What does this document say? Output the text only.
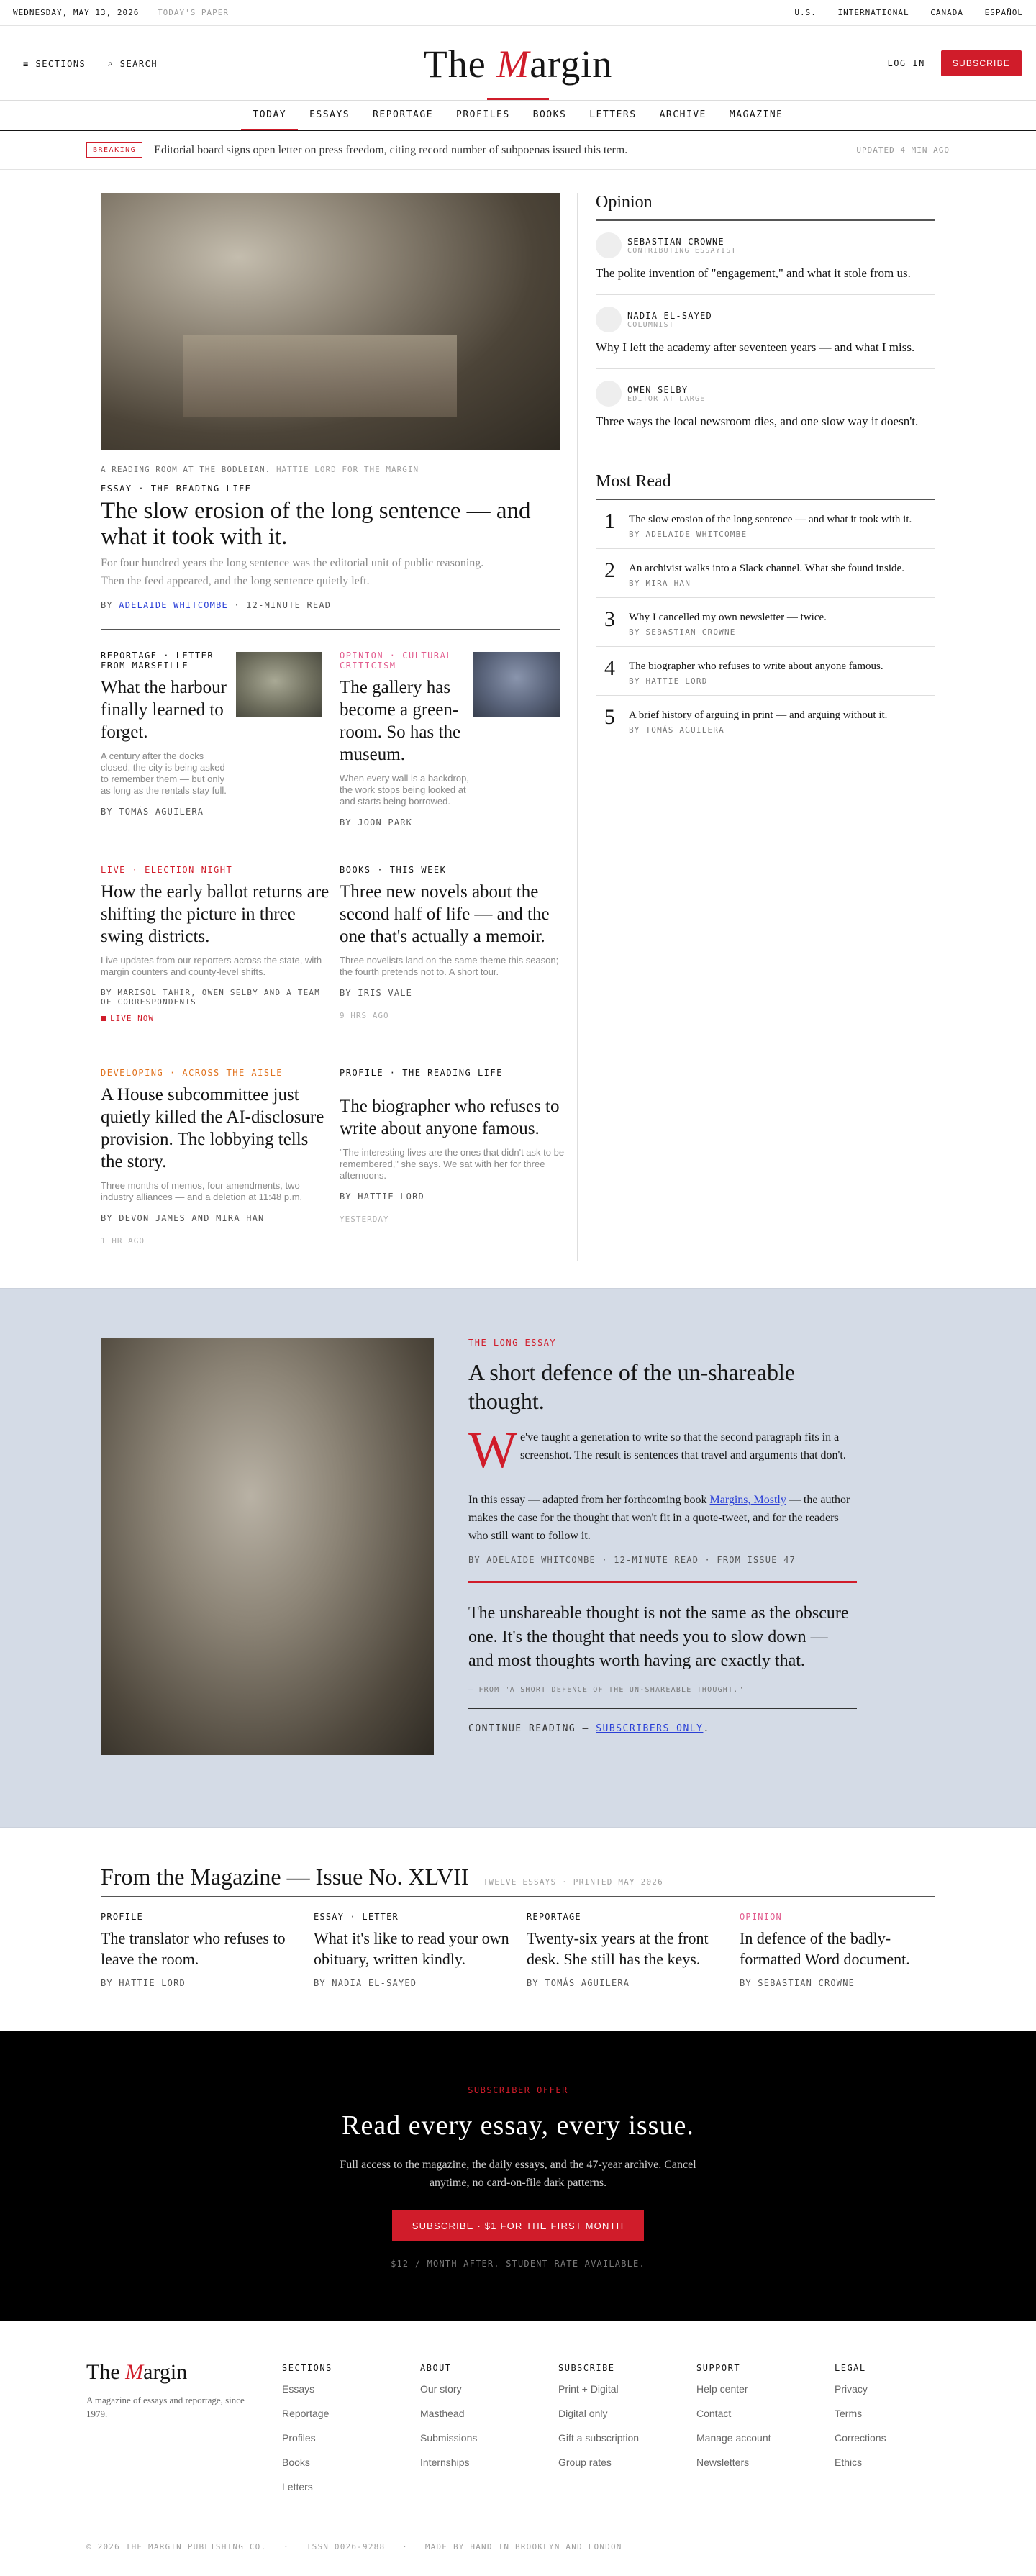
WEDNESDAY, MAY 13, 2026 TODAY'S PAPER	U.S.	INTERNATIONAL	CANADA	ESPAÑOL
≡ SECTIONS	⌕ SEARCH	The Margin	LOG IN	SUBSCRIBE
TODAY	ESSAYS	REPORTAGE	PROFILES	BOOKS	LETTERS	ARCHIVE	MAGAZINE
BREAKING	Editorial board signs open letter on press freedom, citing record number of subpoenas issued this term.	UPDATED 4 MIN AGO
A READING ROOM AT THE BODLEIAN. HATTIE LORD FOR THE MARGIN
ESSAY · THE READING LIFE
The slow erosion of the long sentence — and what it took with it.
For four hundred years the long sentence was the editorial unit of public reasoning. Then the feed appeared, and the long sentence quietly left.
BY ADELAIDE WHITCOMBE · 12-MINUTE READ
REPORTAGE · LETTER FROM MARSEILLE
What the harbour finally learned to forget.

A century after the docks closed, the city is being asked to remember them — but only as long as the rentals stay full.

BY TOMÁS AGUILERA
OPINION · CULTURAL CRITICISM
The gallery has become a green-room. So has the museum.

When every wall is a backdrop, the work stops being looked at and starts being borrowed.

BY JOON PARK
LIVE · ELECTION NIGHT
How the early ballot returns are shifting the picture in three swing districts.

Live updates from our reporters across the state, with margin counters and county-level shifts.

BY MARISOL TAHIR, OWEN SELBY AND A TEAM OF CORRESPONDENTS
LIVE NOW
BOOKS · THIS WEEK
Three new novels about the second half of life — and the one that's actually a memoir.

Three novelists land on the same theme this season; the fourth pretends not to. A short tour.

BY IRIS VALE
9 HRS AGO
DEVELOPING · ACROSS THE AISLE
A House subcommittee just quietly killed the AI-disclosure provision. The lobbying tells the story.

Three months of memos, four amendments, two industry alliances — and a deletion at 11:48 p.m.

BY DEVON JAMES AND MIRA HAN
1 HR AGO
PROFILE · THE READING LIFE
The biographer who refuses to write about anyone famous.

"The interesting lives are the ones that didn't ask to be remembered," she says. We sat with her for three afternoons.

BY HATTIE LORD
YESTERDAY
Opinion
SEBASTIAN CROWNE
CONTRIBUTING ESSAYIST
The polite invention of "engagement," and what it stole from us.
NADIA EL-SAYED
COLUMNIST
Why I left the academy after seventeen years — and what I miss.
OWEN SELBY
EDITOR AT LARGE
Three ways the local newsroom dies, and one slow way it doesn't.
Most Read
1 The slow erosion of the long sentence — and what it took with it.
BY ADELAIDE WHITCOMBE
2 An archivist walks into a Slack channel. What she found inside.
BY MIRA HAN
3 Why I cancelled my own newsletter — twice.
BY SEBASTIAN CROWNE
4 The biographer who refuses to write about anyone famous.
BY HATTIE LORD
5 A brief history of arguing in print — and arguing without it.
BY TOMÁS AGUILERA
THE LONG ESSAY
A short defence of the un-shareable thought.
W e've taught a generation to write so that the second paragraph fits in a screenshot. The result is sentences that travel and arguments that don't.
In this essay — adapted from her forthcoming book Margins, Mostly — the author makes the case for the thought that won't fit in a quote-tweet, and for the readers who still want to follow it.
BY ADELAIDE WHITCOMBE · 12-MINUTE READ · FROM ISSUE 47
The unshareable thought is not the same as the obscure one. It's the thought that needs you to slow down — and most thoughts worth having are exactly that.
— FROM "A SHORT DEFENCE OF THE UN-SHAREABLE THOUGHT."
CONTINUE READING — SUBSCRIBERS ONLY.
From the Magazine — Issue No. XLVII TWELVE ESSAYS · PRINTED MAY 2026
PROFILE
The translator who refuses to leave the room.
BY HATTIE LORD
ESSAY · LETTER
What it's like to read your own obituary, written kindly.
BY NADIA EL-SAYED
REPORTAGE
Twenty-six years at the front desk. She still has the keys.
BY TOMÁS AGUILERA
OPINION
In defence of the badly-formatted Word document.
BY SEBASTIAN CROWNE
SUBSCRIBER OFFER
Read every essay, every issue.

Full access to the magazine, the daily essays, and the 47-year archive. Cancel anytime, no card-on-file dark patterns.

SUBSCRIBE · $1 FOR THE FIRST MONTH
$12 / MONTH AFTER. STUDENT RATE AVAILABLE.
The Margin
A magazine of essays and reportage, since 1979.
SECTIONS
Essays
Reportage
Profiles
Books
Letters
ABOUT
Our story
Masthead
Submissions
Internships
SUBSCRIBE
Print + Digital
Digital only
Gift a subscription
Group rates
SUPPORT
Help center
Contact
Manage account
Newsletters
LEGAL
Privacy
Terms
Corrections
Ethics
© 2026 THE MARGIN PUBLISHING CO. · ISSN 0026-9288 · MADE BY HAND IN BROOKLYN AND LONDON
